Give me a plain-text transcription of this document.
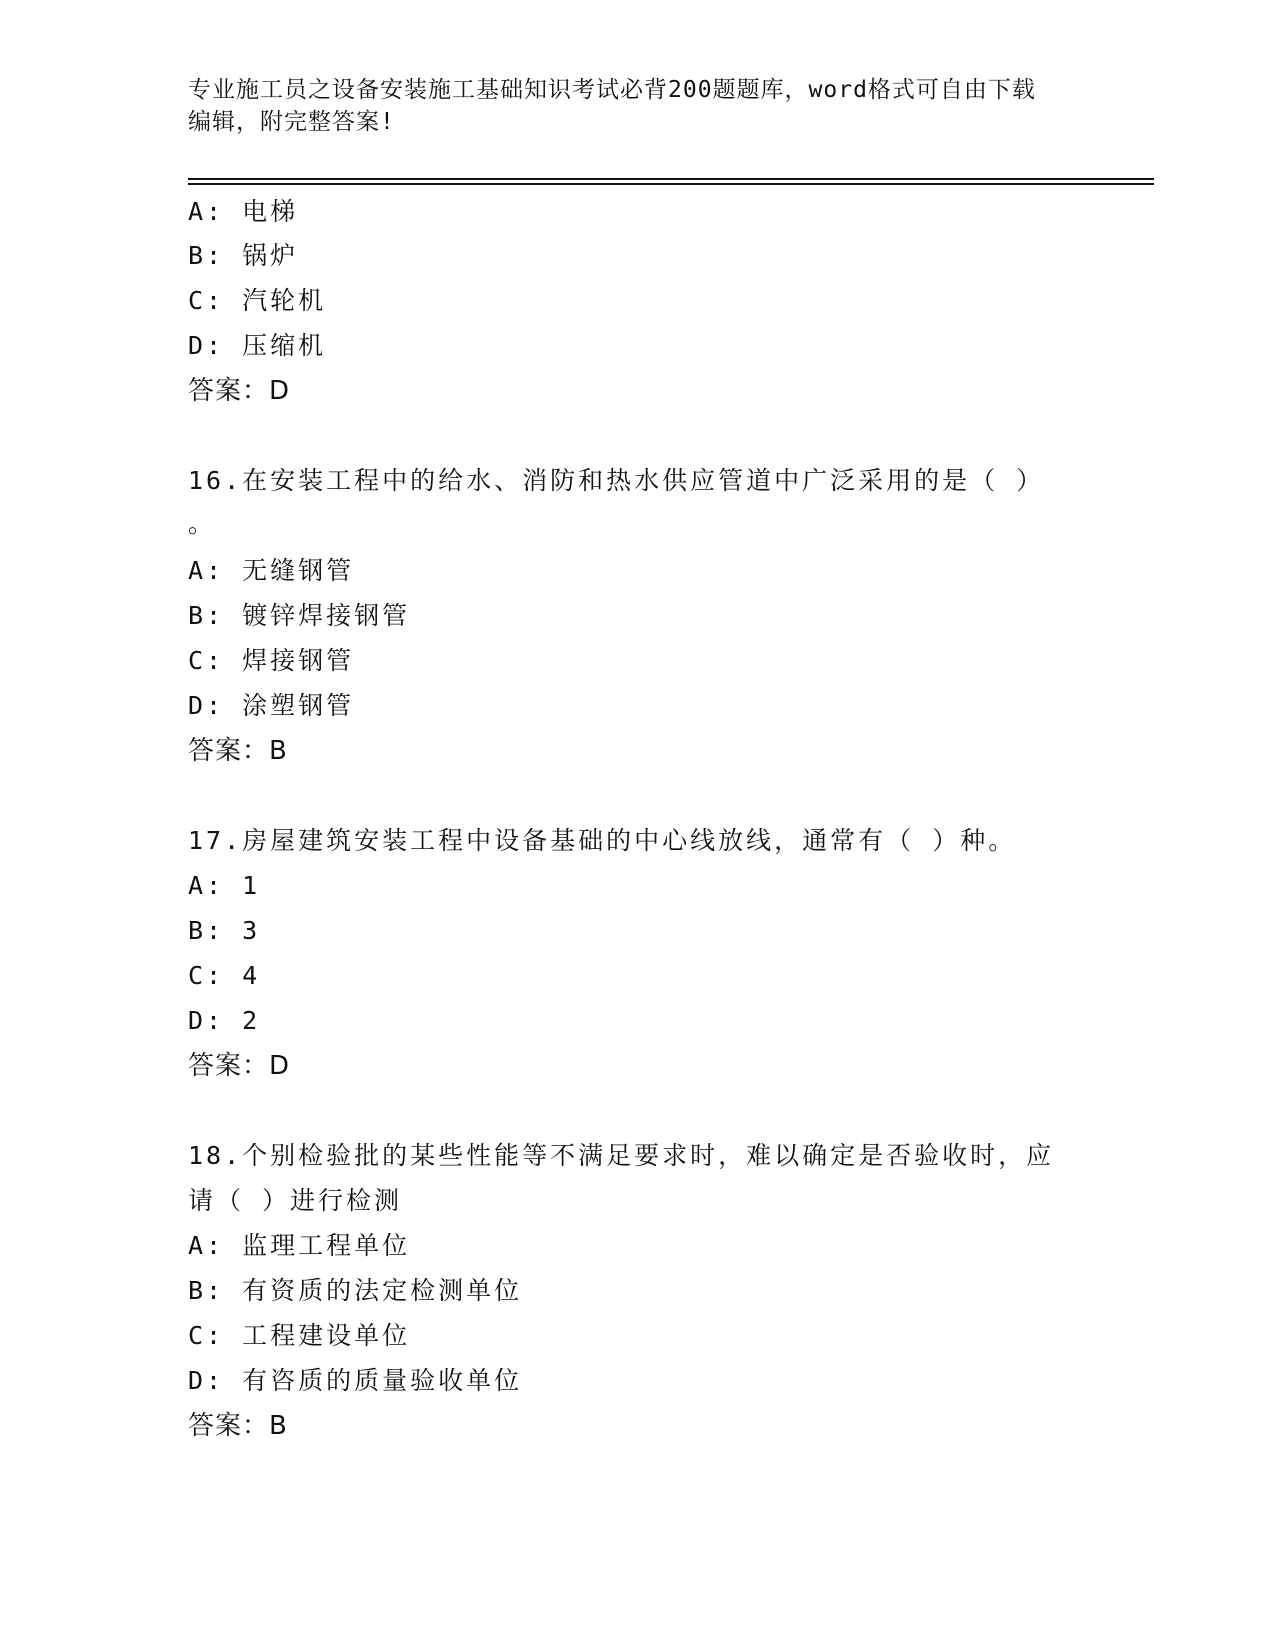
专业施工员之设备安装施工基础知识考试必背200题题库，word格式可自由下载
编辑，附完整答案!
A: 电梯
B: 锅炉
C: 汽轮机
D: 压缩机
答案：D
16.在安装工程中的给水、消防和热水供应管道中广泛采用的是（ ）
。
A: 无缝钢管
B: 镀锌焊接钢管
C: 焊接钢管
D: 涂塑钢管
答案：B
17.房屋建筑安装工程中设备基础的中心线放线，通常有（ ）种。
A: 1
B: 3
C: 4
D: 2
答案：D
18.个别检验批的某些性能等不满足要求时，难以确定是否验收时，应
请（ ）进行检测
A: 监理工程单位
B: 有资质的法定检测单位
C: 工程建设单位
D: 有咨质的质量验收单位
答案：B
